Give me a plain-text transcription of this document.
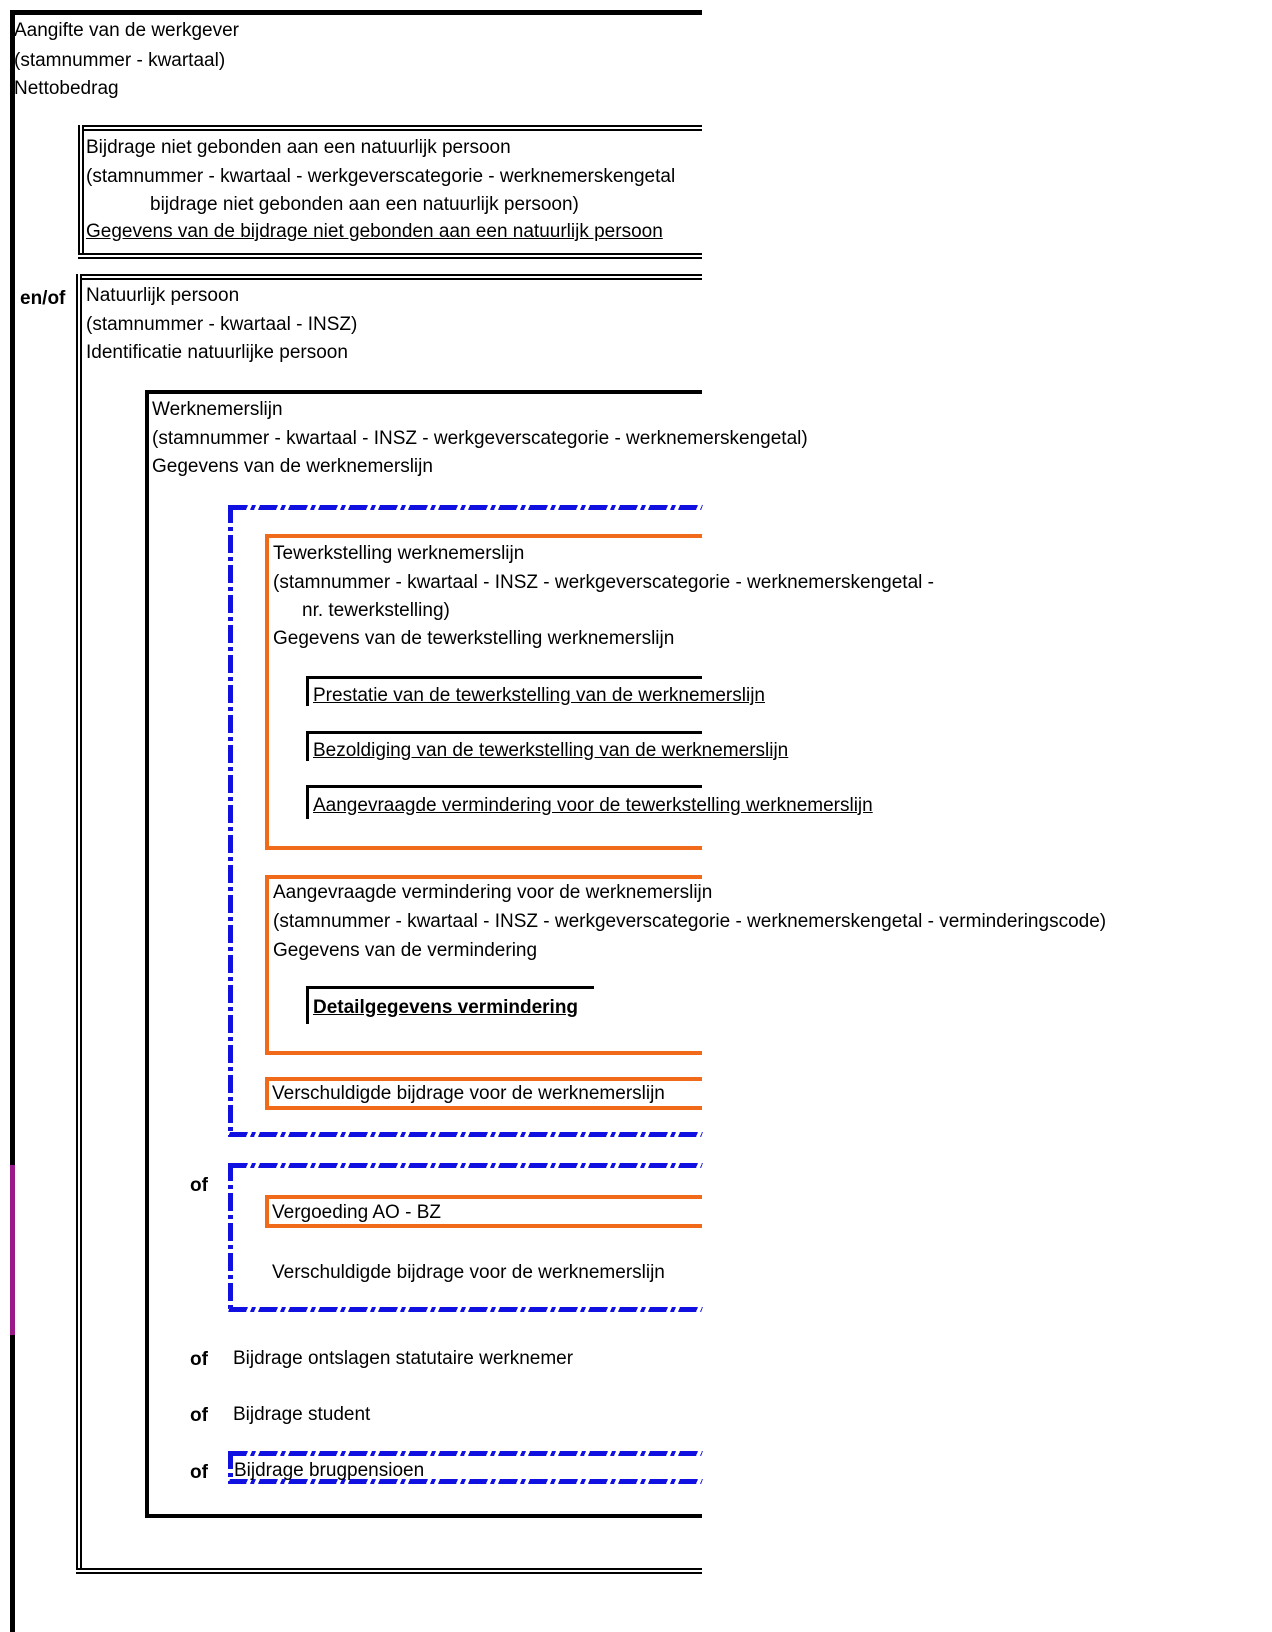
Aangifte van de werkgever
(stamnummer - kwartaal)
Nettobedrag
Bijdrage niet gebonden aan een natuurlijk persoon
(stamnummer - kwartaal - werkgeverscategorie - werknemerskengetal
bijdrage niet gebonden aan een natuurlijk persoon)
Gegevens van de bijdrage niet gebonden aan een natuurlijk persoon
en/of Natuurlijk persoon
(stamnummer - kwartaal - INSZ)
Identificatie natuurlijke persoon
Werknemerslijn
(stamnummer - kwartaal - INSZ - werkgeverscategorie - werknemerskengetal)
Gegevens van de werknemerslijn
Tewerkstelling werknemerslijn
(stamnummer - kwartaal - INSZ - werkgeverscategorie - werknemerskengetal -
nr. tewerkstelling)
Gegevens van de tewerkstelling werknemerslijn
Prestatie van de tewerkstelling van de werknemerslijn
Bezoldiging van de tewerkstelling van de werknemerslijn
Aangevraagde vermindering voor de tewerkstelling werknemerslijn
Aangevraagde vermindering voor de werknemerslijn
(stamnummer - kwartaal - INSZ - werkgeverscategorie - werknemerskengetal - verminderingscode)
Gegevens van de vermindering
Detailgegevens vermindering
Verschuldigde bijdrage voor de werknemerslijn
of
Vergoeding AO - BZ
Verschuldigde bijdrage voor de werknemerslijn
of Bijdrage ontslagen statutaire werknemer
of Bijdrage student
of Bijdrage brugpensioen
